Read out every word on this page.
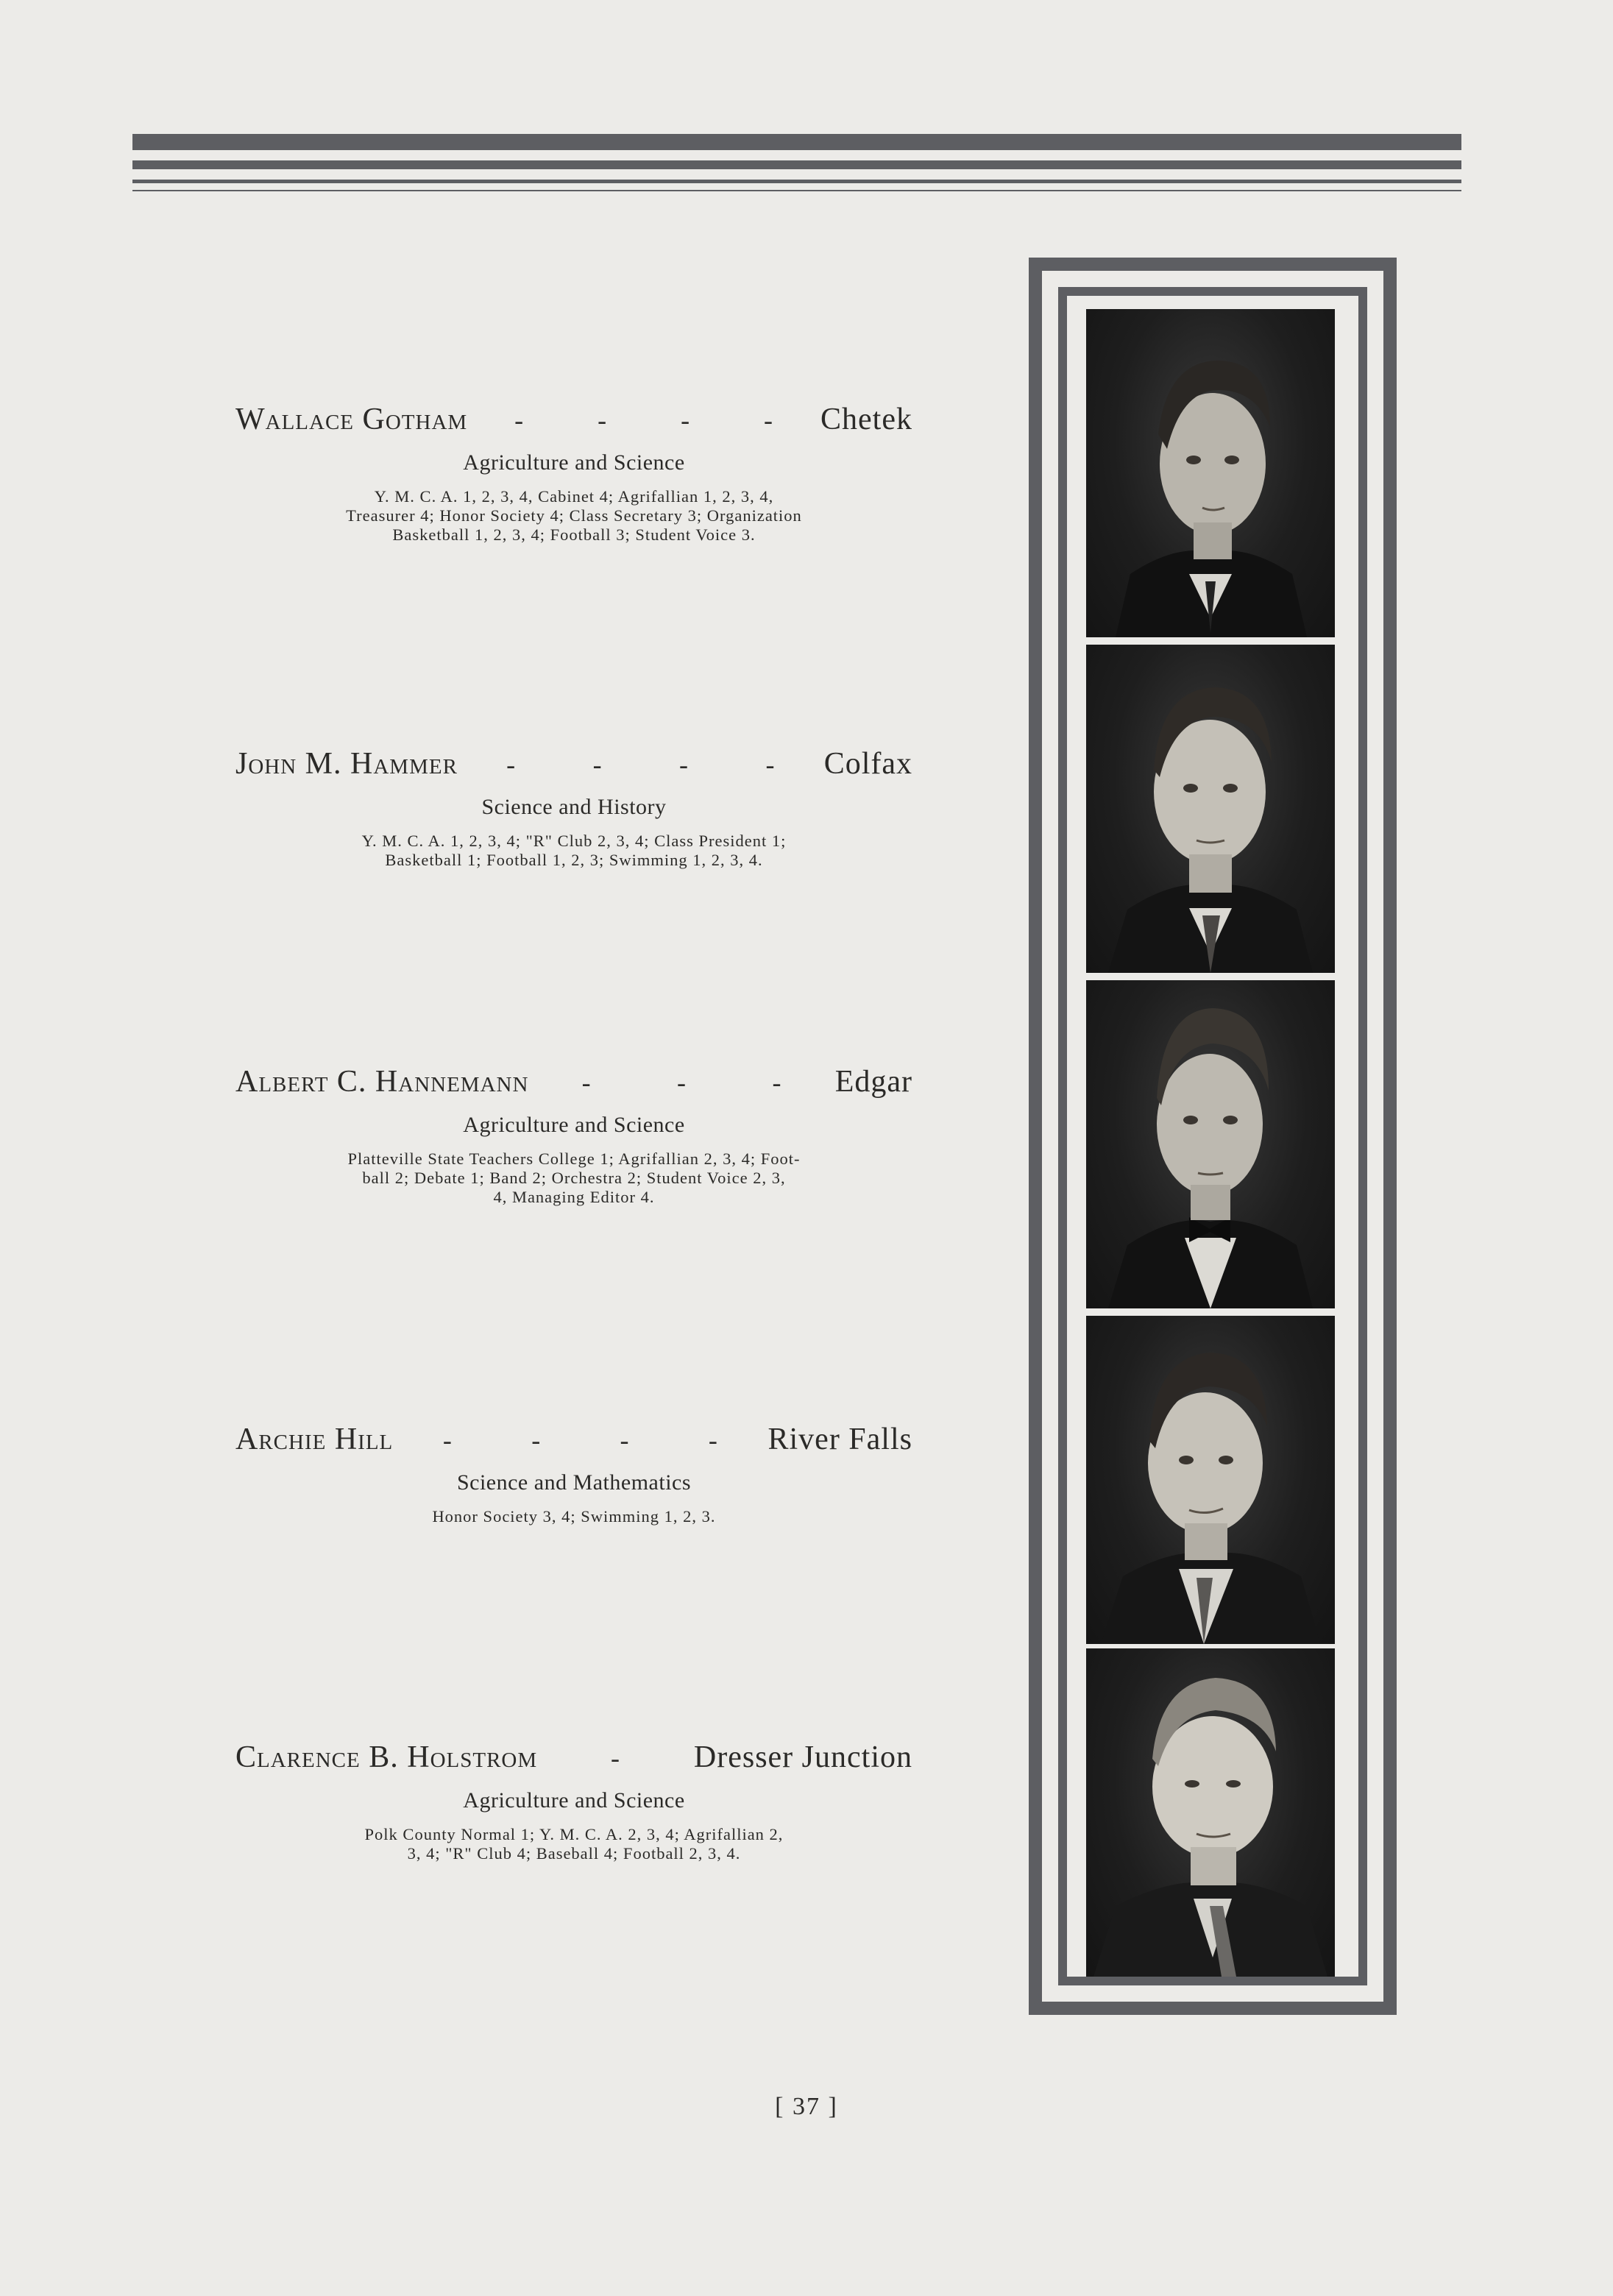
Wallace Gotham -	-	-	- Chetek
Agriculture and Science
Y. M. C. A. 1, 2, 3, 4, Cabinet 4; Agrifallian 1, 2, 3, 4,
Treasurer 4; Honor Society 4; Class Secretary 3; Organization
Basketball 1, 2, 3, 4; Football 3; Student Voice 3.
John M. Hammer -	-	-	- Colfax
Science and History
Y. M. C. A. 1, 2, 3, 4; "R" Club 2, 3, 4; Class President 1;
Basketball 1; Football 1, 2, 3; Swimming 1, 2, 3, 4.
Albert C. Hannemann -	-	- Edgar
Agriculture and Science
Platteville State Teachers College 1; Agrifallian 2, 3, 4; Foot-
ball 2; Debate 1; Band 2; Orchestra 2; Student Voice 2, 3,
4, Managing Editor 4.
Archie Hill -	-	-	- River Falls
Science and Mathematics
Honor Society 3, 4; Swimming 1, 2, 3.
Clarence B. Holstrom	- Dresser Junction
Agriculture and Science
Polk County Normal 1; Y. M. C. A. 2, 3, 4; Agrifallian 2,
3, 4; "R" Club 4; Baseball 4; Football 2, 3, 4.
[ 37 ]
